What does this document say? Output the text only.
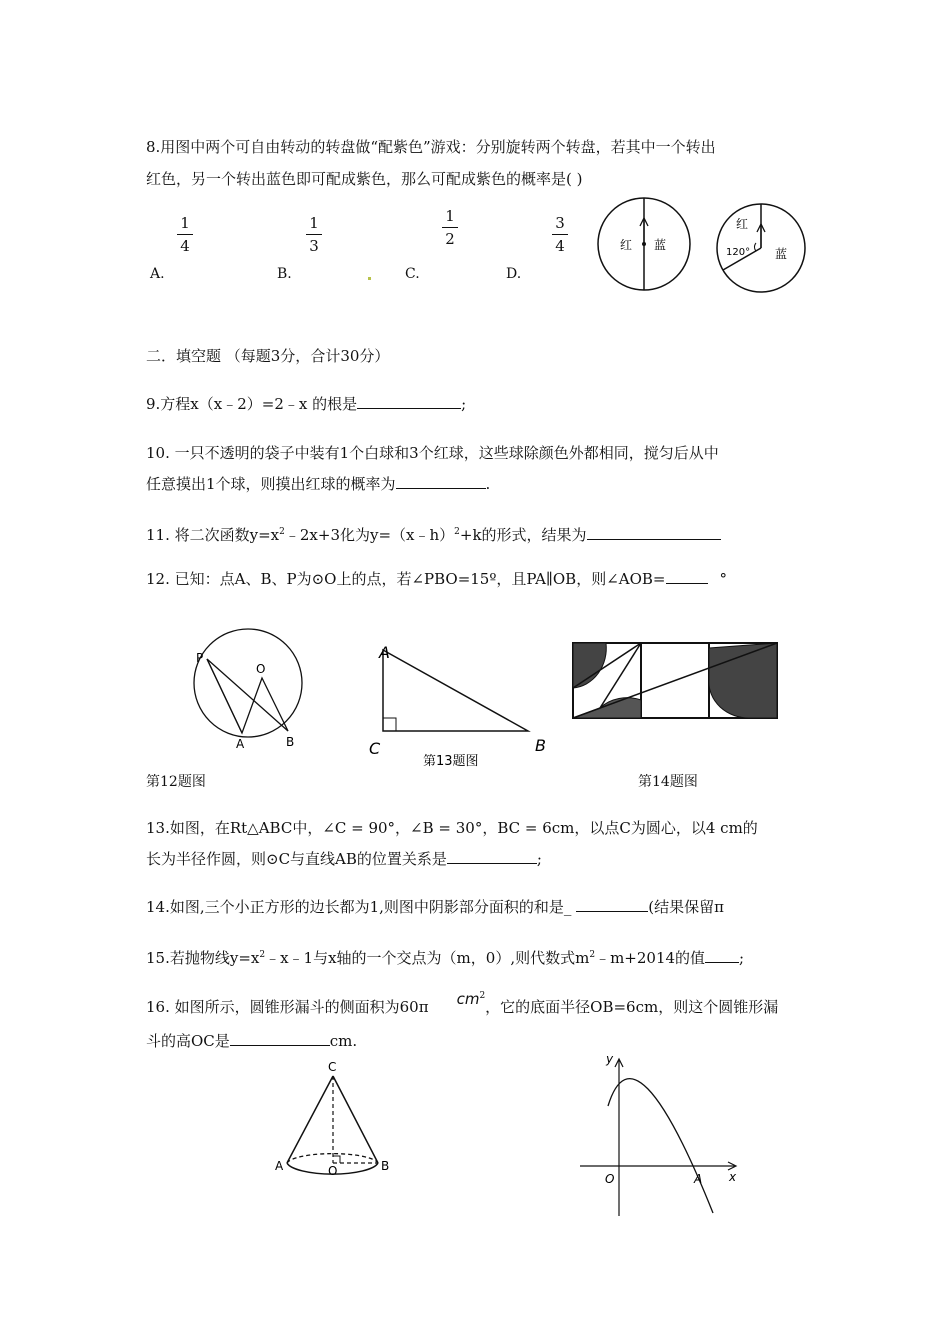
8.用图中两个可自由转动的转盘做“配紫色”游戏：分别旋转两个转盘，若其中一个转出
红色，另一个转出蓝色即可配成紫色，那么可配成紫色的概率是( )
A.
1
4
B.
1
3
C.
1
2
D.
3
4	红 蓝
红
蓝
120°
二．填空题 （每题3分，合计30分）
9.方程x（x﹣2）=2﹣x 的根是	;
10. 一只不透明的袋子中装有1个白球和3个红球，这些球除颜色外都相同，搅匀后从中
任意摸出1个球，则摸出红球的概率为	.
11. 将二次函数$y=x^2﹣2x+3$化为y=（x﹣h）$^2$+k的形式，结果为
12. 已知：点A、B、P为⊙O上的点，若∠PBO=15º，且PA∥OB，则∠AOB=	°
P
O
A	B
A
C	B
第13题图
第12题图	第14题图
13.如图，在Rt△ABC中，∠C = 90°，∠B = 30°，BC = 6cm，以点C为圆心，以4 cm的
长为半径作圆，则⊙C与直线AB的位置关系是	;
14.如图,三个小正方形的边长都为1,则图中阴影部分面积的和是_	(结果保留π
15.若抛物线$y=x^2﹣x﹣1$与x轴的一个交点为（m，0）,则代数式$m^2﹣m+2014$的值 ;
16. 如图所示，圆锥形漏斗的侧面积为60π $cm^2$，它的底面半径OB=6cm，则这个圆锥形漏
斗的高OC是	cm.
C
A	O	B
y
x
O	A
